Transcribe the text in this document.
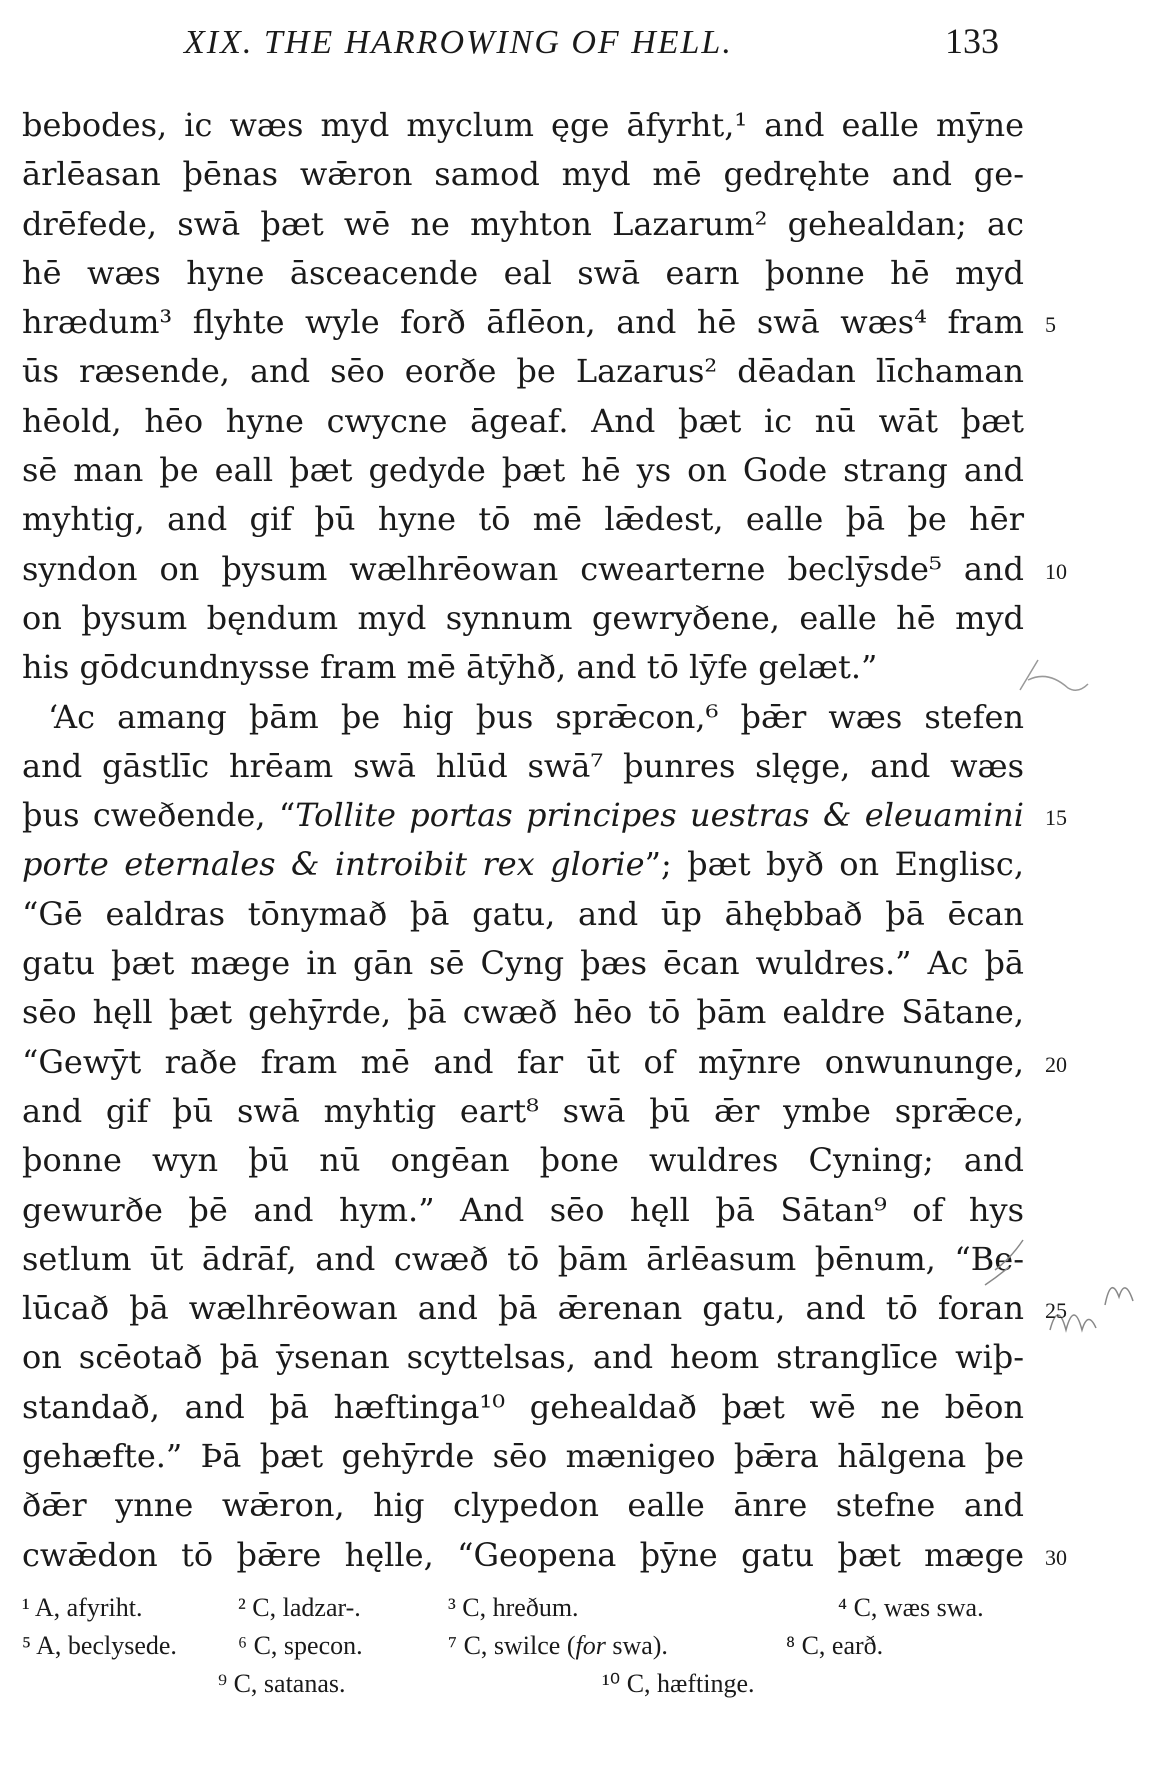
XIX. THE HARROWING OF HELL.	133
bebodes, ic wæs myd myclum ęge āfyrht,¹ and ealle mȳne
ārlēasan þēnas wǣron samod myd mē gedręhte and ge-
drēfede, swā þæt wē ne myhton Lazarum² gehealdan; ac
hē wæs hyne āsceacende eal swā earn þonne hē myd
hrædum³ flyhte wyle forð āflēon, and hē swā wæs⁴ fram
ūs ræsende, and sēo eorðe þe Lazarus² dēadan līchaman
hēold, hēo hyne cwycne āgeaf. And þæt ic nū wāt þæt
sē man þe eall þæt gedyde þæt hē ys on Gode strang and
myhtig, and gif þū hyne tō mē lǣdest, ealle þā þe hēr
syndon on þysum wælhrēowan cwearterne beclȳsde⁵ and
on þysum bęndum myd synnum gewryðene, ealle hē myd
his gōdcundnysse fram mē ātȳhð, and tō lȳfe gelæt.”
‘Ac amang þām þe hig þus sprǣcon,⁶ þǣr wæs stefen
and gāstlīc hrēam swā hlūd swā⁷ þunres slęge, and wæs
þus cweðende, “Tollite portas principes uestras & eleuamini
porte eternales & introibit rex glorie”; þæt byð on Englisc,
“Gē ealdras tōnymað þā gatu, and ūp āhębbað þā ēcan
gatu þæt mæge in gān sē Cyng þæs ēcan wuldres.” Ac þā
sēo hęll þæt gehȳrde, þā cwæð hēo tō þām ealdre Sātane,
“Gewȳt raðe fram mē and far ūt of mȳnre onwununge,
and gif þū swā myhtig eart⁸ swā þū ǣr ymbe sprǣce,
þonne wyn þū nū ongēan þone wuldres Cyning; and
gewurðe þē and hym.” And sēo hęll þā Sātan⁹ of hys
setlum ūt ādrāf, and cwæð tō þām ārlēasum þēnum, “Be-
lūcað þā wælhrēowan and þā ǣrenan gatu, and tō foran
on scēotað þā ȳsenan scyttelsas, and heom stranglīce wiþ-
standað, and þā hæftinga¹⁰ gehealdað þæt wē ne bēon
gehæfte.” Þā þæt gehȳrde sēo mænigeo þǣra hālgena þe
ðǣr ynne wǣron, hig clypedon ealle ānre stefne and
cwǣdon tō þǣre hęlle, “Geopena þȳne gatu þæt mæge
¹ A, afyriht.	² C, ladzar-.	³ C, hreðum.	⁴ C, wæs swa.
⁵ A, beclysede.	⁶ C, specon.	⁷ C, swilce (for swa).	⁸ C, earð.
⁹ C, satanas.	¹⁰ C, hæftinge.
5
10
15
20
25
30
